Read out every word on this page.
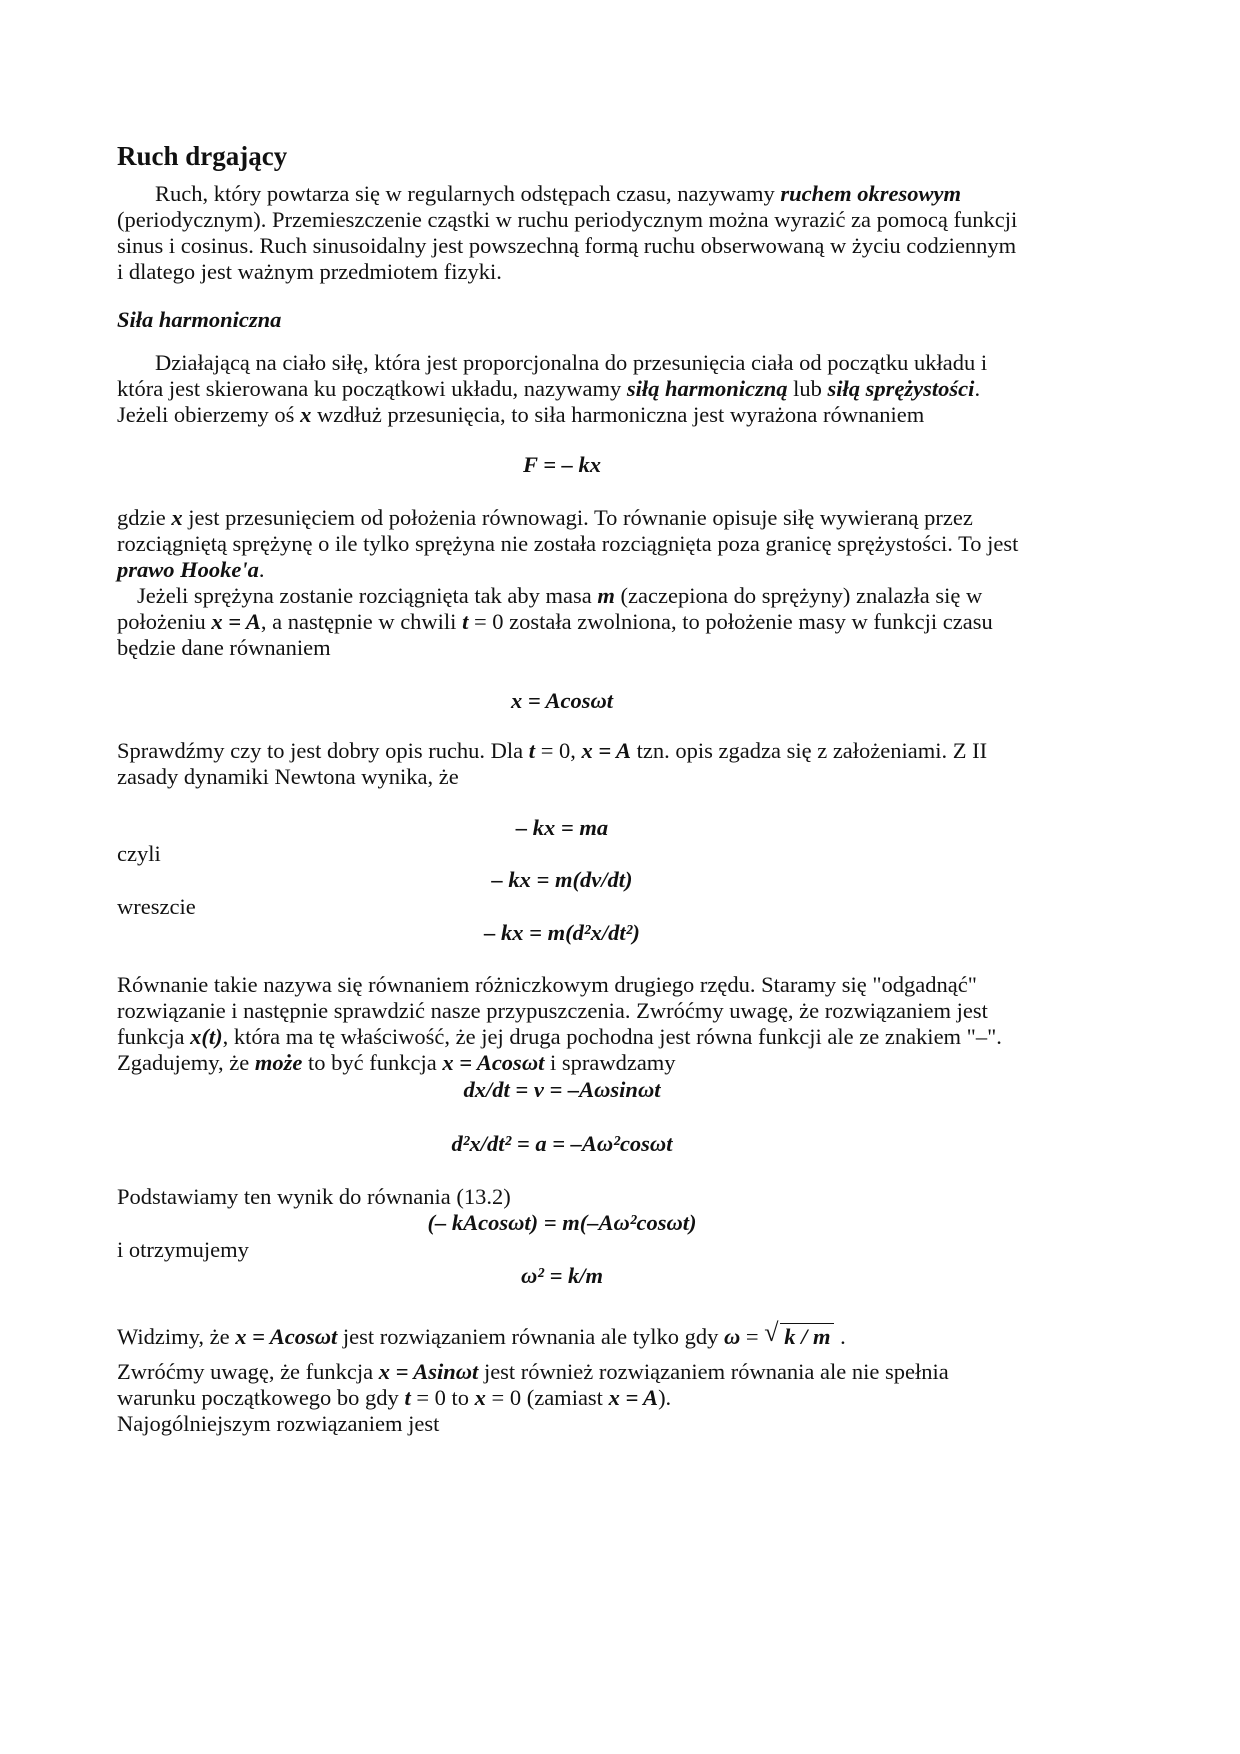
Ruch drgający
Ruch, który powtarza się w regularnych odstępach czasu, nazywamy ruchem okresowym
(periodycznym). Przemieszczenie cząstki w ruchu periodycznym można wyrazić za pomocą funkcji
sinus i cosinus. Ruch sinusoidalny jest powszechną formą ruchu obserwowaną w życiu codziennym
i dlatego jest ważnym przedmiotem fizyki.
Siła harmoniczna
Działającą na ciało siłę, która jest proporcjonalna do przesunięcia ciała od początku układu i
która jest skierowana ku początkowi układu, nazywamy siłą harmoniczną lub siłą sprężystości.
Jeżeli obierzemy oś x wzdłuż przesunięcia, to siła harmoniczna jest wyrażona równaniem
F = – kx
gdzie x jest przesunięciem od położenia równowagi. To równanie opisuje siłę wywieraną przez
rozciągniętą sprężynę o ile tylko sprężyna nie została rozciągnięta poza granicę sprężystości. To jest
prawo Hooke'a.
Jeżeli sprężyna zostanie rozciągnięta tak aby masa m (zaczepiona do sprężyny) znalazła się w
położeniu x = A, a następnie w chwili t = 0 została zwolniona, to położenie masy w funkcji czasu
będzie dane równaniem
x = Acosωt
Sprawdźmy czy to jest dobry opis ruchu. Dla t = 0, x = A tzn. opis zgadza się z założeniami. Z II
zasady dynamiki Newtona wynika, że
– kx = ma
czyli
– kx = m(dv/dt)
wreszcie
– kx = m(d²x/dt²)
Równanie takie nazywa się równaniem różniczkowym drugiego rzędu. Staramy się "odgadnąć"
rozwiązanie i następnie sprawdzić nasze przypuszczenia. Zwróćmy uwagę, że rozwiązaniem jest
funkcja x(t), która ma tę właściwość, że jej druga pochodna jest równa funkcji ale ze znakiem "–".
Zgadujemy, że może to być funkcja x = Acosωt i sprawdzamy
dx/dt = v = –Aωsinωt
d²x/dt² = a = –Aω²cosωt
Podstawiamy ten wynik do równania (13.2)
(– kAcosωt) = m(–Aω²cosωt)
i otrzymujemy
ω² = k/m
Widzimy, że x = Acosωt jest rozwiązaniem równania ale tylko gdy ω = √ k / m .
Zwróćmy uwagę, że funkcja x = Asinωt jest również rozwiązaniem równania ale nie spełnia
warunku początkowego bo gdy t = 0 to x = 0 (zamiast x = A).
Najogólniejszym rozwiązaniem jest
